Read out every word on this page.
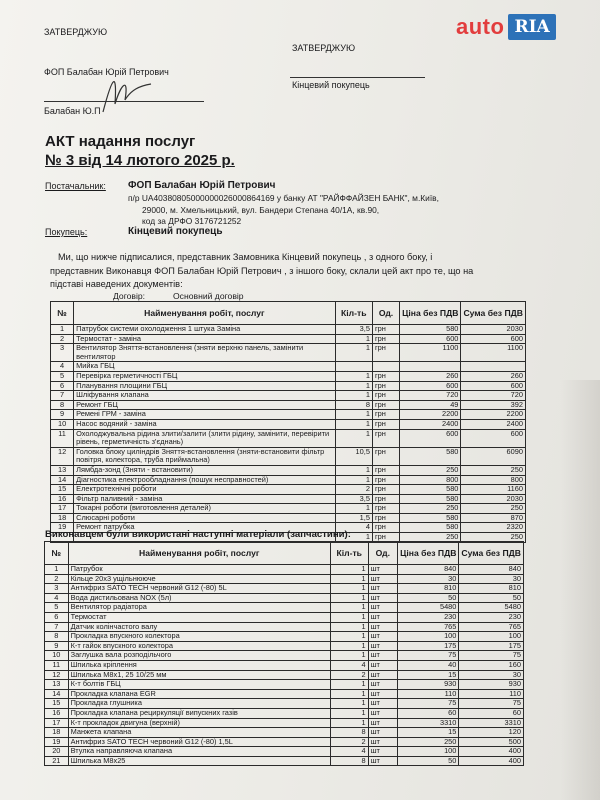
auto RIA
ЗАТВЕРДЖУЮ
ФОП Балабан Юрій Петрович
Балабан Ю.П
ЗАТВЕРДЖУЮ
Кінцевий покупець
АКТ надання послуг
№ 3 від 14 лютого 2025 р.
Постачальник: ФОП Балабан Юрій Петрович
п/р UA403808050000000260008641​69 у банку АТ "РАЙФФАЙЗЕН БАНК", м.Київ,
29000, м. Хмельницький, вул. Бандери Степана 40/1А, кв.90,
код за ДРФО 3176721252
Покупець:	Кінцевий покупець
Ми, що нижче підписалися, представник Замовника Кінцевий покупець , з одного боку, і
представник Виконавця ФОП Балабан Юрій Петрович , з іншого боку, склали цей акт про те, що на
підставі наведених документів:
Договір:	Основний договір
№	Найменування робіт, послуг	Кіл-ть	Од.	Ціна без ПДВ	Сума без ПДВ
1	Патрубок системи охолодження 1 штука Заміна	3,5	грн	580	2030
2	Термостат - заміна	1	грн	600	600
3	Вентилятор Зняття-встановлення (зняти верхню панель, замінити вентилятор	1	грн	1100	1100
4	Мийка ГБЦ				
5	Перевірка герметичності ГБЦ	1	грн	260	260
6	Планування площини ГБЦ	1	грн	600	600
7	Шліфування клапана	1	грн	720	720
8	Ремонт ГБЦ	8	грн	49	392
9	Ремені ГРМ - заміна	1	грн	2200	2200
10	Насос водяний - заміна	1	грн	2400	2400
11	Охолоджувальна рідина злити/залити (злити рідину, замінити, перевірити рівень, герметичність з'єднань)	1	грн	600	600
12	Головка блоку циліндрів Зняття-встановлення (зняти-встановити фільтр повітря, колектора, труба приймальна)	10,5	грн	580	6090
13	Лямбда-зонд (Зняти - встановити)	1	грн	250	250
14	Діагностика електрообладнання (пошук несправностей)	1	грн	800	800
15	Електротехнічні роботи	2	грн	580	1160
16	Фільтр паливний - заміна	3,5	грн	580	2030
17	Токарні роботи (виготовлення деталей)	1	грн	250	250
18	Слюсарні роботи	1,5	грн	580	870
19	Ремонт патрубка	4	грн	580	2320
		1	грн	250	250
Виконавцем були використані наступні матеріали (запчастини):
№	Найменування робіт, послуг	Кіл-ть	Од.	Ціна без ПДВ	Сума без ПДВ
1	Патрубок	1	шт	840	840
2	Кільце 20x3 ущільнююче	1	шт	30	30
3	Антифриз SATO TECH червоний G12 (-80) 5L	1	шт	810	810
4	Вода дистильована NOX (5л)	1	шт	50	50
5	Вентилятор радіатора	1	шт	5480	5480
6	Термостат	1	шт	230	230
7	Датчик колінчастого валу	1	шт	765	765
8	Прокладка впускного колектора	1	шт	100	100
9	К-т гайок впускного колектора	1	шт	175	175
10	Заглушка вала розподільчого	1	шт	75	75
11	Шпилька кріплення	4	шт	40	160
12	Шпилька М8x1, 25 10/25 мм	2	шт	15	30
13	К-т болтів ГБЦ	1	шт	930	930
14	Прокладка клапана EGR	1	шт	110	110
15	Прокладка глушника	1	шт	75	75
16	Прокладка клапана рециркуляції випускних газів	1	шт	60	60
17	К-т прокладок двигуна (верхній)	1	шт	3310	3310
18	Манжета клапана	8	шт	15	120
19	Антифриз SATO TECH червоний G12 (-80) 1,5L	2	шт	250	500
20	Втулка направляюча клапана	4	шт	100	400
21	Шпилька М8x25	8	шт	50	400
